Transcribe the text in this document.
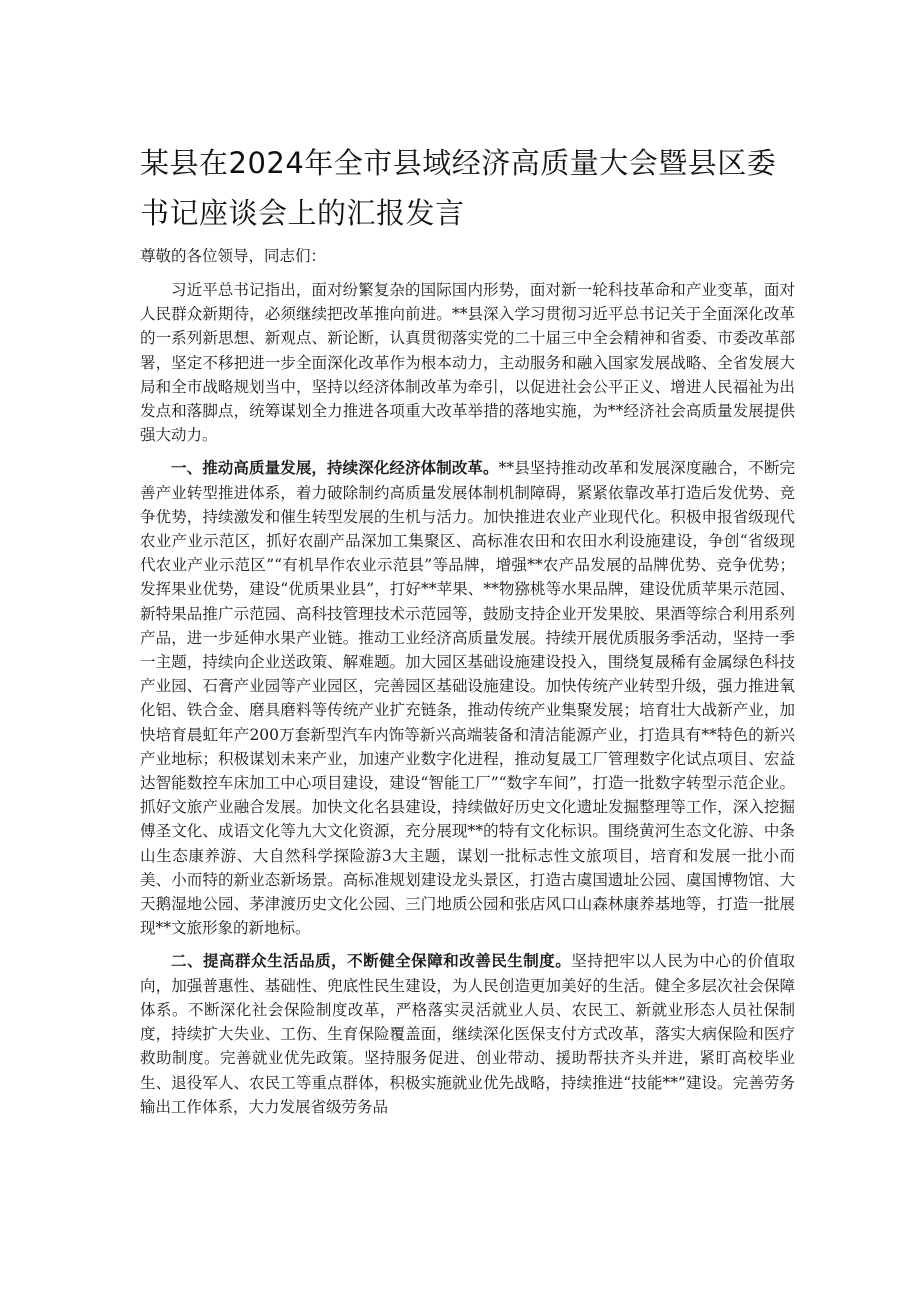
某县在2024年全市县域经济高质量大会暨县区委书记座谈会上的汇报发言

尊敬的各位领导，同志们：

习近平总书记指出，面对纷繁复杂的国际国内形势，面对新一轮科技革命和产业变革，面对人民群众新期待，必须继续把改革推向前进。**县深入学习贯彻习近平总书记关于全面深化改革的一系列新思想、新观点、新论断，认真贯彻落实党的二十届三中全会精神和省委、市委改革部署，坚定不移把进一步全面深化改革作为根本动力，主动服务和融入国家发展战略、全省发展大局和全市战略规划当中，坚持以经济体制改革为牵引，以促进社会公平正义、增进人民福祉为出发点和落脚点，统筹谋划全力推进各项重大改革举措的落地实施，为**经济社会高质量发展提供强大动力。

一、推动高质量发展，持续深化经济体制改革。**县坚持推动改革和发展深度融合，不断完善产业转型推进体系，着力破除制约高质量发展体制机制障碍，紧紧依靠改革打造后发优势、竞争优势，持续激发和催生转型发展的生机与活力。加快推进农业产业现代化。积极申报省级现代农业产业示范区，抓好农副产品深加工集聚区、高标准农田和农田水利设施建设，争创“省级现代农业产业示范区”“有机旱作农业示范县”等品牌，增强**农产品发展的品牌优势、竞争优势；发挥果业优势，建设“优质果业县”，打好**苹果、**物猕桃等水果品牌，建设优质苹果示范园、新特果品推广示范园、高科技管理技术示范园等，鼓励支持企业开发果胶、果酒等综合利用系列产品，进一步延伸水果产业链。推动工业经济高质量发展。持续开展优质服务季活动，坚持一季一主题，持续向企业送政策、解难题。加大园区基础设施建设投入，围绕复晟稀有金属绿色科技产业园、石膏产业园等产业园区，完善园区基础设施建设。加快传统产业转型升级，强力推进氧化铝、铁合金、磨具磨料等传统产业扩充链条，推动传统产业集聚发展；培育壮大战新产业，加快培育晨虹年产200万套新型汽车内饰等新兴高端装备和清洁能源产业，打造具有**特色的新兴产业地标；积极谋划未来产业，加速产业数字化进程，推动复晟工厂管理数字化试点项目、宏益达智能数控车床加工中心项目建设，建设“智能工厂”“数字车间”，打造一批数字转型示范企业。抓好文旅产业融合发展。加快文化名县建设，持续做好历史文化遗址发掘整理等工作，深入挖掘傅圣文化、成语文化等九大文化资源，充分展现**的特有文化标识。围绕黄河生态文化游、中条山生态康养游、大自然科学探险游3大主题，谋划一批标志性文旅项目，培育和发展一批小而美、小而特的新业态新场景。高标准规划建设龙头景区，打造古虞国遗址公园、虞国博物馆、大天鹅湿地公园、茅津渡历史文化公园、三门地质公园和张店风口山森林康养基地等，打造一批展现**文旅形象的新地标。

二、提高群众生活品质，不断健全保障和改善民生制度。坚持把牢以人民为中心的价值取向，加强普惠性、基础性、兜底性民生建设，为人民创造更加美好的生活。健全多层次社会保障体系。不断深化社会保险制度改革，严格落实灵活就业人员、农民工、新就业形态人员社保制度，持续扩大失业、工伤、生育保险覆盖面，继续深化医保支付方式改革，落实大病保险和医疗救助制度。完善就业优先政策。坚持服务促进、创业带动、援助帮扶齐头并进，紧盯高校毕业生、退役军人、农民工等重点群体，积极实施就业优先战略，持续推进“技能**”建设。完善劳务输出工作体系，大力发展省级劳务品
